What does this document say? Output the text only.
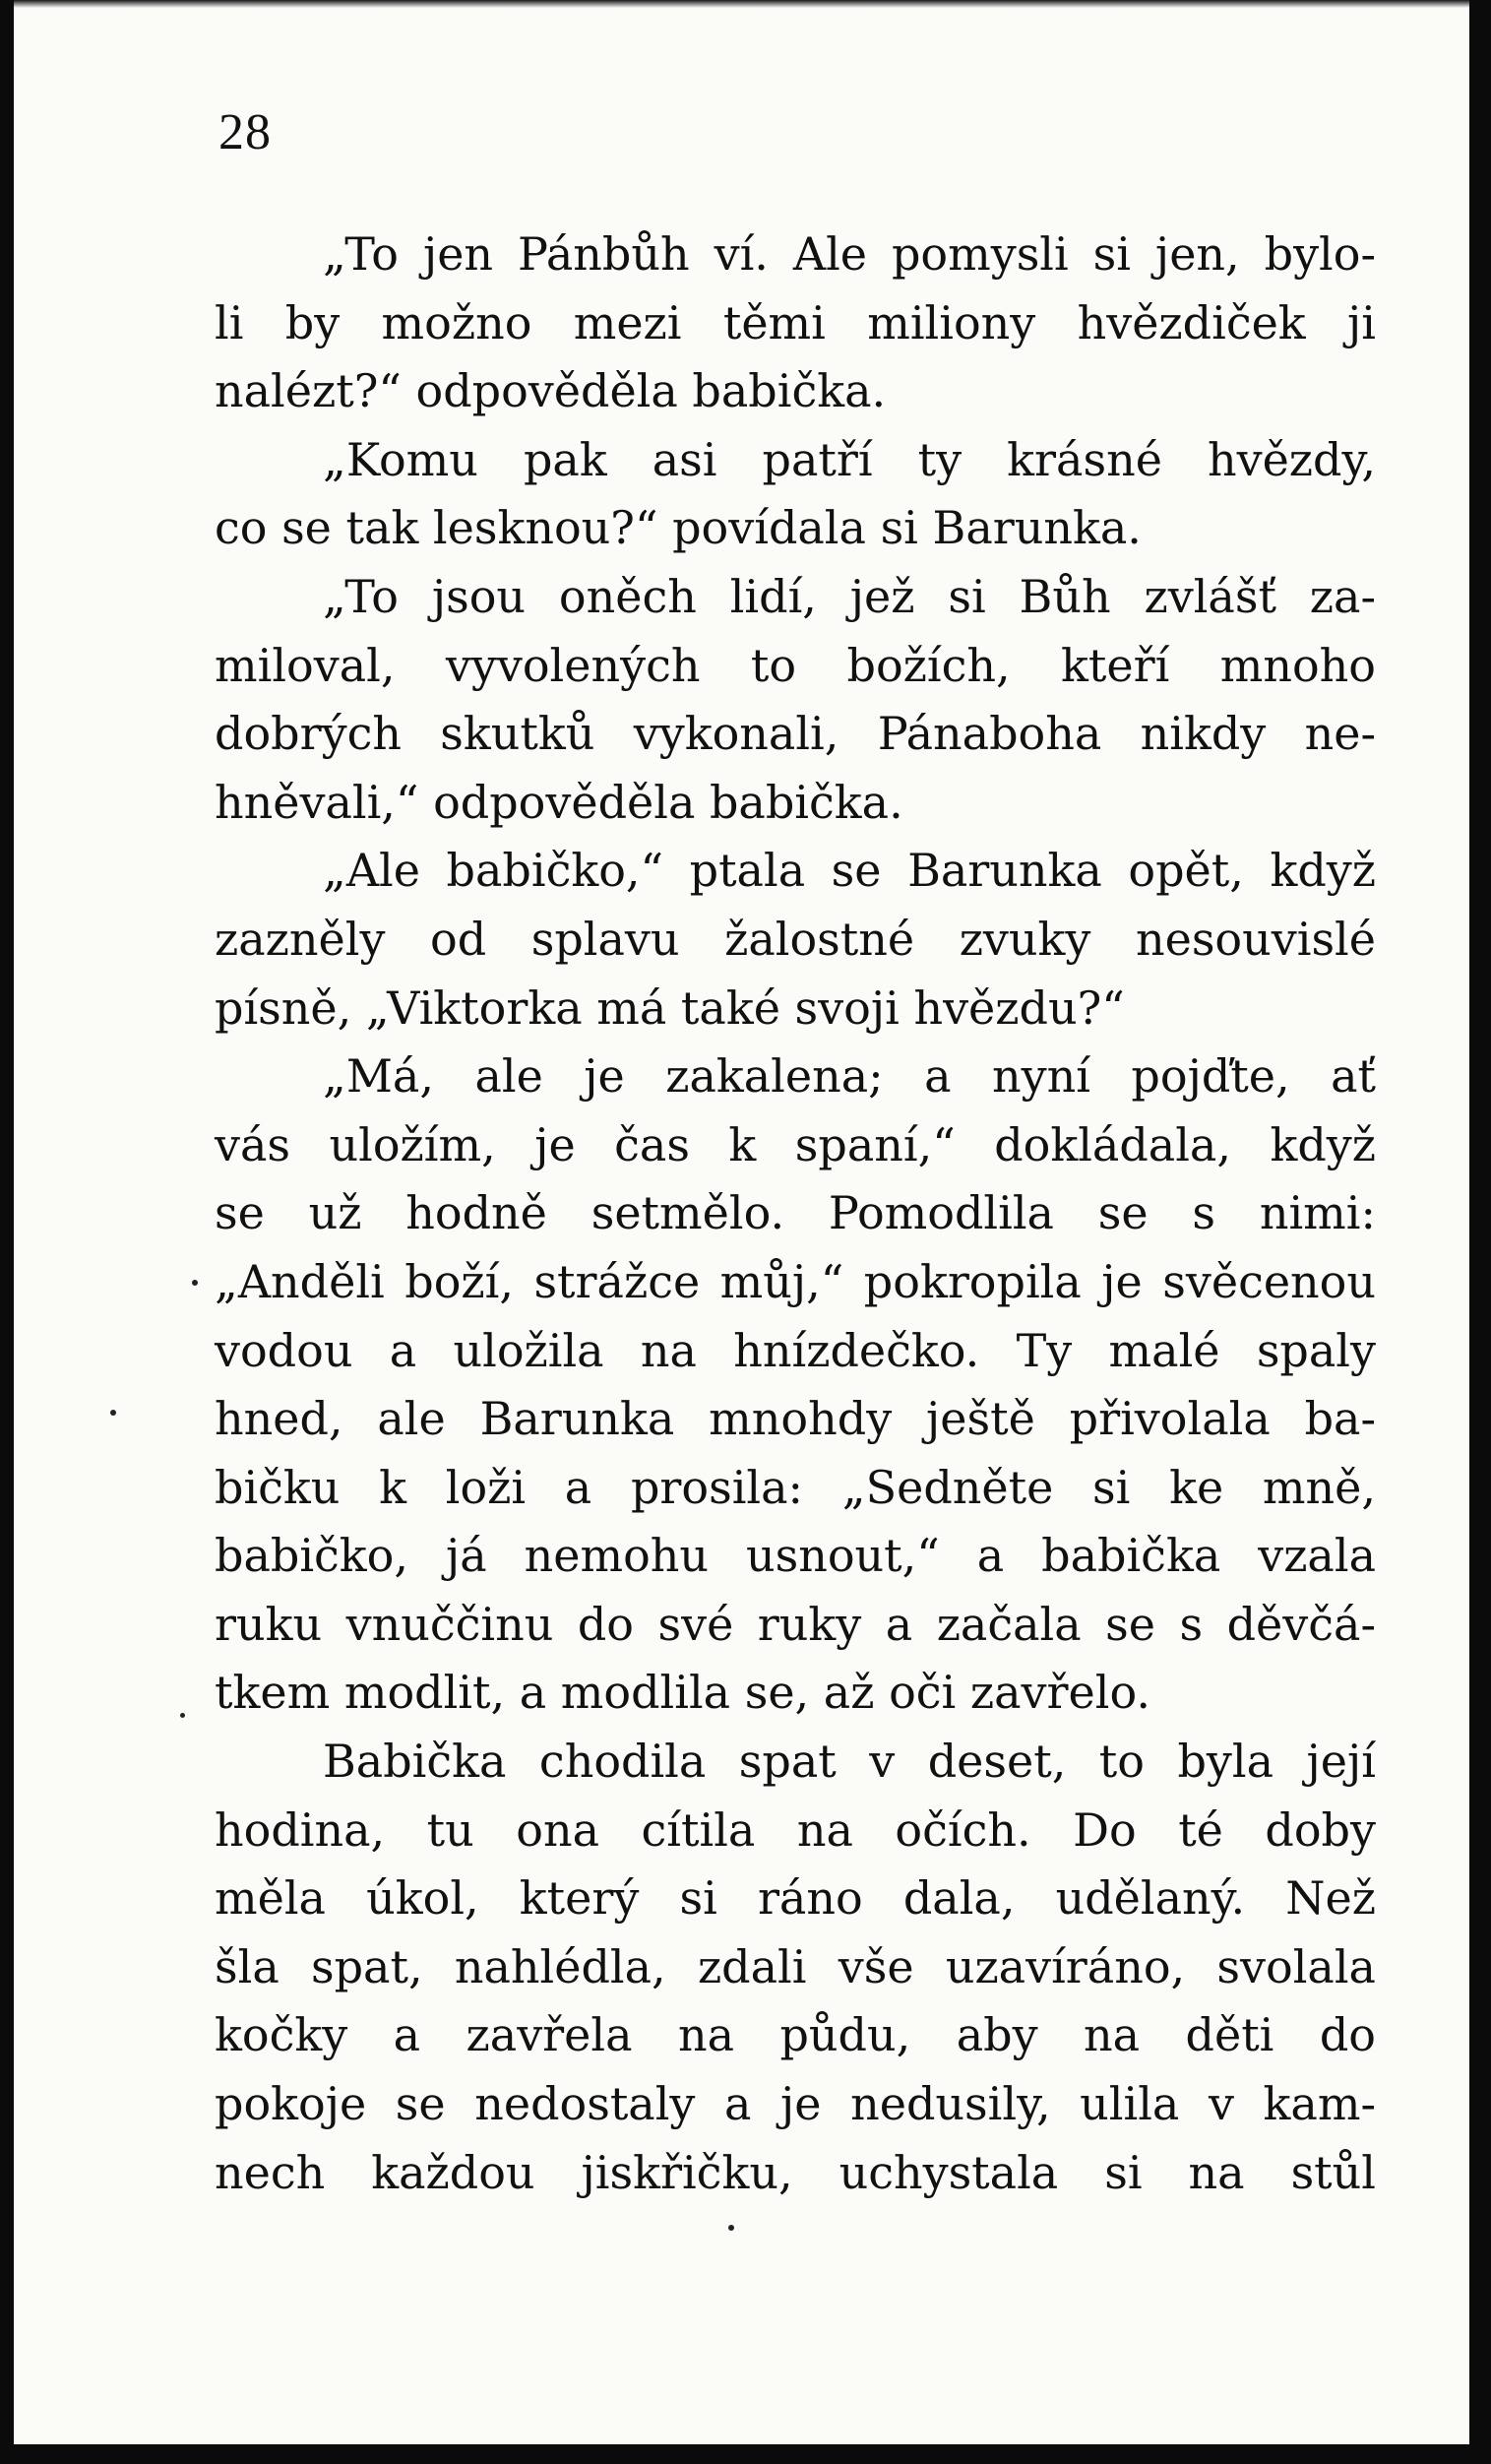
28
„To jen Pánbůh ví. Ale pomysli si jen, bylo-
li by možno mezi těmi miliony hvězdiček ji
nalézt?“ odpověděla babička.
„Komu pak asi patří ty krásné hvězdy,
co se tak lesknou?“ povídala si Barunka.
„To jsou oněch lidí, jež si Bůh zvlášť za-
miloval, vyvolených to božích, kteří mnoho
dobrých skutků vykonali, Pánaboha nikdy ne-
hněvali,“ odpověděla babička.
„Ale babičko,“ ptala se Barunka opět, když
zazněly od splavu žalostné zvuky nesouvislé
písně, „Viktorka má také svoji hvězdu?“
„Má, ale je zakalena; a nyní pojďte, ať
vás uložím, je čas k spaní,“ dokládala, když
se už hodně setmělo. Pomodlila se s nimi:
„Anděli boží, strážce můj,“ pokropila je svěcenou
vodou a uložila na hnízdečko. Ty malé spaly
hned, ale Barunka mnohdy ještě přivolala ba-
bičku k loži a prosila: „Sedněte si ke mně,
babičko, já nemohu usnout,“ a babička vzala
ruku vnuččinu do své ruky a začala se s děvčá-
tkem modlit, a modlila se, až oči zavřelo.
Babička chodila spat v deset, to byla její
hodina, tu ona cítila na očích. Do té doby
měla úkol, který si ráno dala, udělaný. Než
šla spat, nahlédla, zdali vše uzavíráno, svolala
kočky a zavřela na půdu, aby na děti do
pokoje se nedostaly a je nedusily, ulila v kam-
nech každou jiskřičku, uchystala si na stůl
